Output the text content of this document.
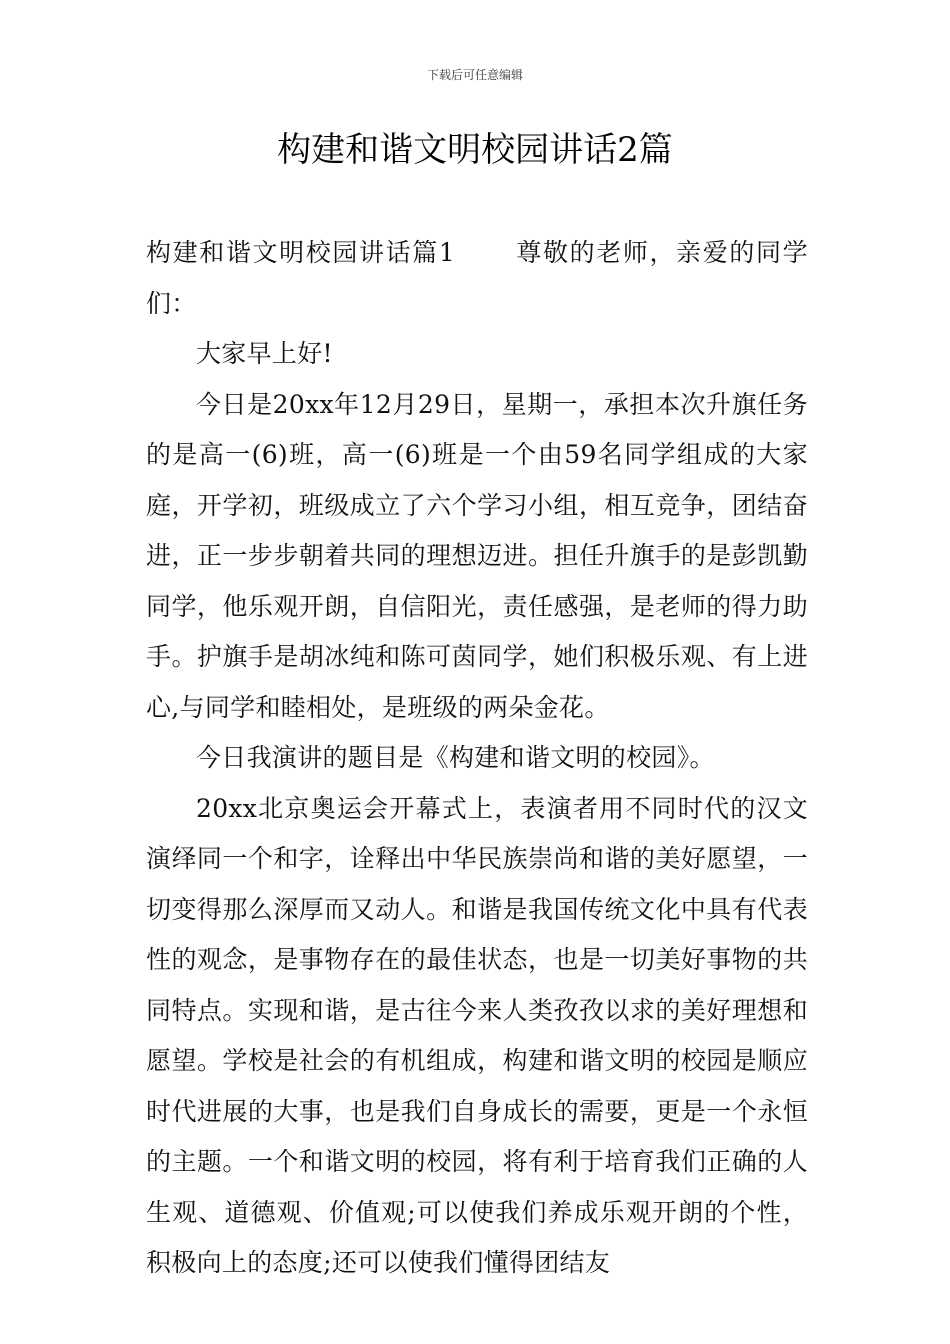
下载后可任意编辑
构建和谐文明校园讲话2篇

构建和谐文明校园讲话篇1 尊敬的老师，亲爱的同学们：

大家早上好!

今日是20xx年12月29日，星期一，承担本次升旗任务的是高一(6)班，高一(6)班是一个由59名同学组成的大家庭，开学初，班级成立了六个学习小组，相互竞争，团结奋进，正一步步朝着共同的理想迈进。担任升旗手的是彭凯勤同学，他乐观开朗，自信阳光，责任感强，是老师的得力助手。护旗手是胡冰纯和陈可茵同学，她们积极乐观、有上进心,与同学和睦相处，是班级的两朵金花。

今日我演讲的题目是《构建和谐文明的校园》。

20xx北京奥运会开幕式上，表演者用不同时代的汉文演绎同一个和字，诠释出中华民族崇尚和谐的美好愿望，一切变得那么深厚而又动人。和谐是我国传统文化中具有代表性的观念，是事物存在的最佳状态，也是一切美好事物的共同特点。实现和谐，是古往今来人类孜孜以求的美好理想和愿望。学校是社会的有机组成，构建和谐文明的校园是顺应时代进展的大事，也是我们自身成长的需要，更是一个永恒的主题。一个和谐文明的校园，将有利于培育我们正确的人生观、道德观、价值观;可以使我们养成乐观开朗的个性，积极向上的态度;还可以使我们懂得团结友
